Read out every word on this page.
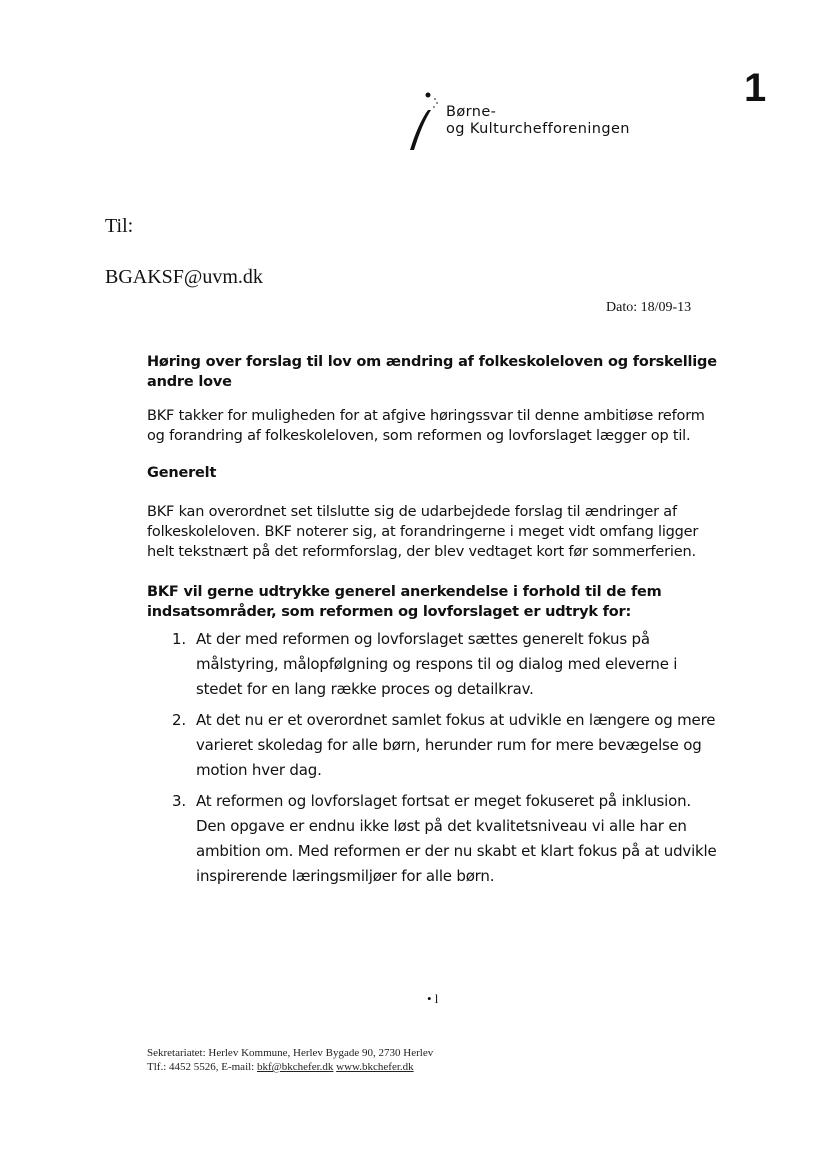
1
Børne-
og Kulturchefforeningen
Til:
BGAKSF@uvm.dk
Dato: 18/09-13

Høring over forslag til lov om ændring af folkeskoleloven og forskellige andre love

BKF takker for muligheden for at afgive høringssvar til denne ambitiøse reform og forandring af folkeskoleloven, som reformen og lovforslaget lægger op til.

Generelt

BKF kan overordnet set tilslutte sig de udarbejdede forslag til ændringer af folkeskoleloven. BKF noterer sig, at forandringerne i meget vidt omfang ligger helt tekstnært på det reformforslag, der blev vedtaget kort før sommerferien.

BKF vil gerne udtrykke generel anerkendelse i forhold til de fem indsatsområder, som reformen og lovforslaget er udtryk for:

1. At der med reformen og lovforslaget sættes generelt fokus på målstyring, målopfølgning og respons til og dialog med eleverne i stedet for en lang række proces og detailkrav.
2. At det nu er et overordnet samlet fokus at udvikle en længere og mere varieret skoledag for alle børn, herunder rum for mere bevægelse og motion hver dag.
3. At reformen og lovforslaget fortsat er meget fokuseret på inklusion. Den opgave er endnu ikke løst på det kvalitetsniveau vi alle har en ambition om. Med reformen er der nu skabt et klart fokus på at udvikle inspirerende læringsmiljøer for alle børn.
• l
Sekretariatet: Herlev Kommune, Herlev Bygade 90, 2730 Herlev
Tlf.: 4452 5526, E-mail: bkf@bkchefer.dk www.bkchefer.dk
